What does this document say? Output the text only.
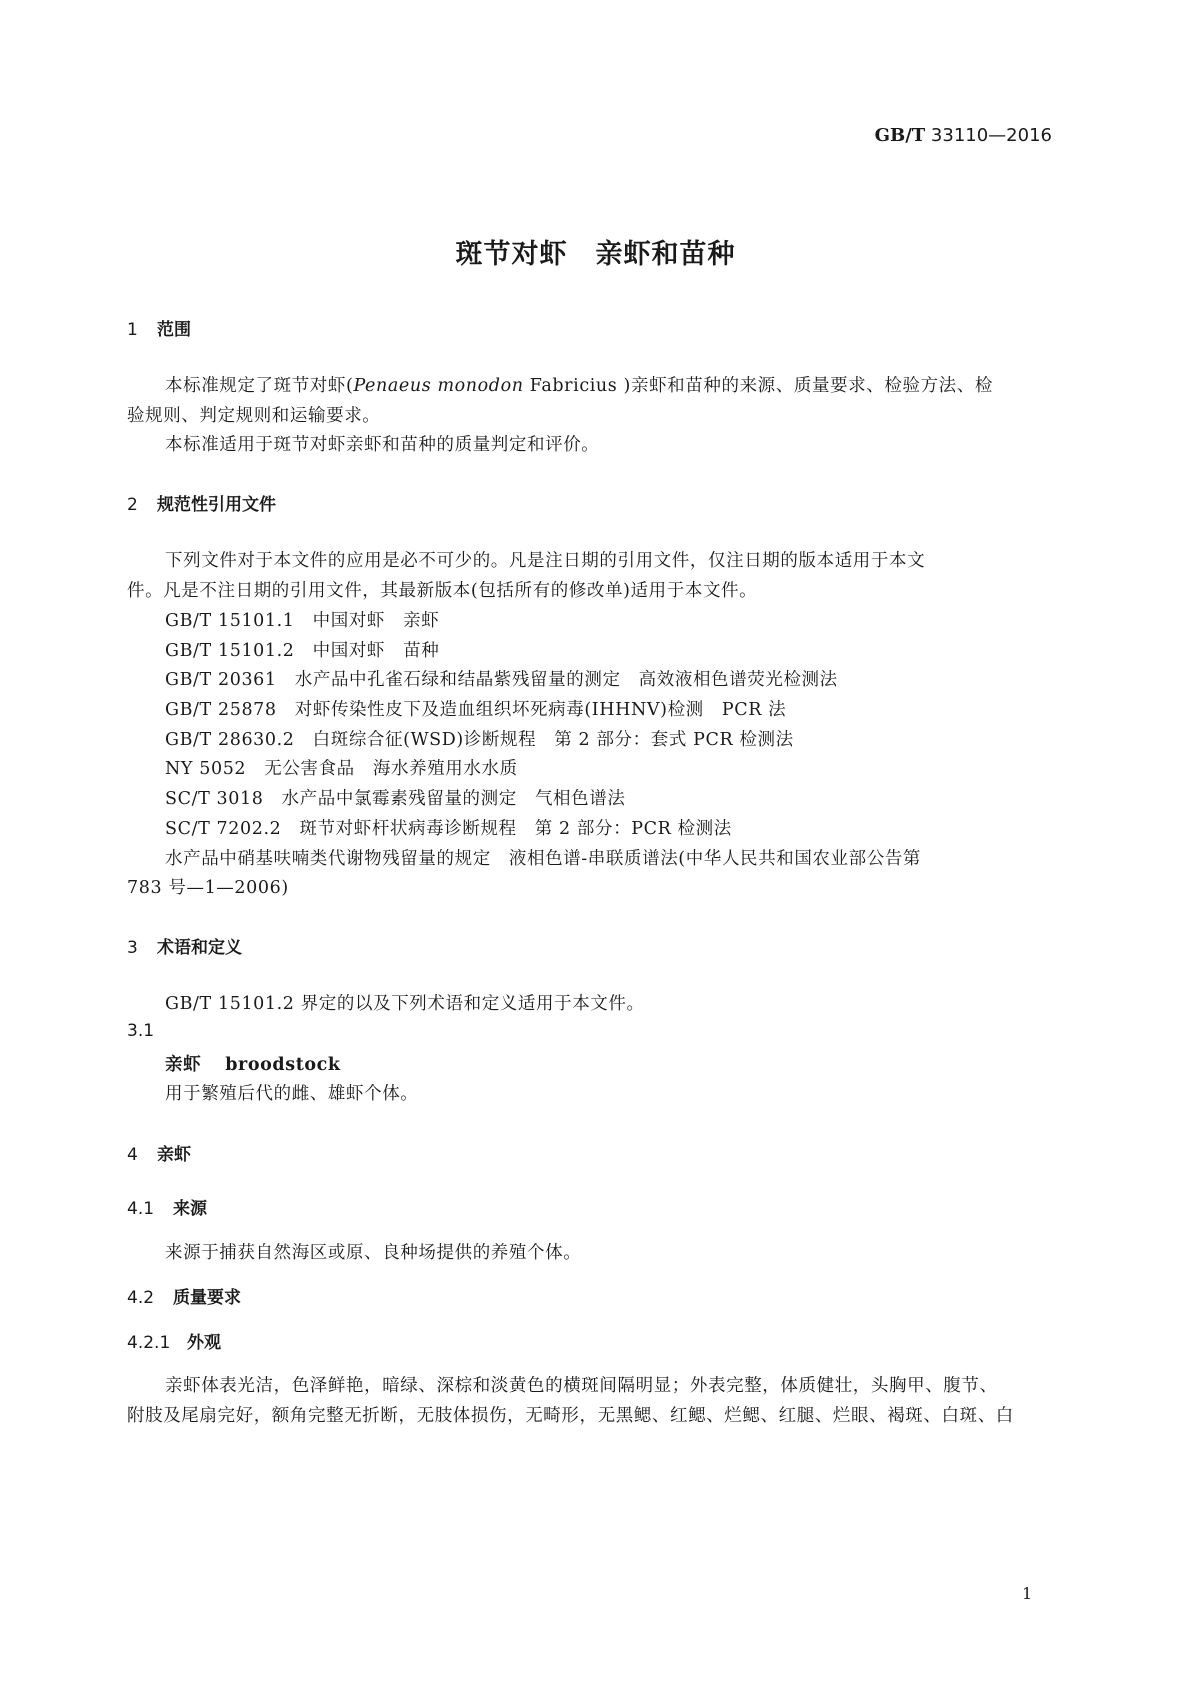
GB/T 33110—2016
斑节对虾　亲虾和苗种
1 范围
本标准规定了斑节对虾(Penaeus monodon Fabricius )亲虾和苗种的来源、质量要求、检验方法、检
验规则、判定规则和运输要求。
本标准适用于斑节对虾亲虾和苗种的质量判定和评价。
2 规范性引用文件
下列文件对于本文件的应用是必不可少的。凡是注日期的引用文件，仅注日期的版本适用于本文
件。凡是不注日期的引用文件，其最新版本(包括所有的修改单)适用于本文件。
GB/T 15101.1　中国对虾　亲虾
GB/T 15101.2　中国对虾　苗种
GB/T 20361　水产品中孔雀石绿和结晶紫残留量的测定　高效液相色谱荧光检测法
GB/T 25878　对虾传染性皮下及造血组织坏死病毒(IHHNV)检测　PCR 法
GB/T 28630.2　白斑综合征(WSD)诊断规程　第 2 部分：套式 PCR 检测法
NY 5052　无公害食品　海水养殖用水水质
SC/T 3018　水产品中氯霉素残留量的测定　气相色谱法
SC/T 7202.2　斑节对虾杆状病毒诊断规程　第 2 部分：PCR 检测法
水产品中硝基呋喃类代谢物残留量的规定　液相色谱-串联质谱法(中华人民共和国农业部公告第
783 号—1—2006)
3 术语和定义
GB/T 15101.2 界定的以及下列术语和定义适用于本文件。
3.1
亲虾 broodstock
用于繁殖后代的雌、雄虾个体。
4 亲虾
4.1 来源
来源于捕获自然海区或原、良种场提供的养殖个体。
4.2 质量要求
4.2.1 外观
亲虾体表光洁，色泽鲜艳，暗绿、深棕和淡黄色的横斑间隔明显；外表完整，体质健壮，头胸甲、腹节、
附肢及尾扇完好，额角完整无折断，无肢体损伤，无畸形，无黑鳃、红鳃、烂鳃、红腿、烂眼、褐斑、白斑、白
1
